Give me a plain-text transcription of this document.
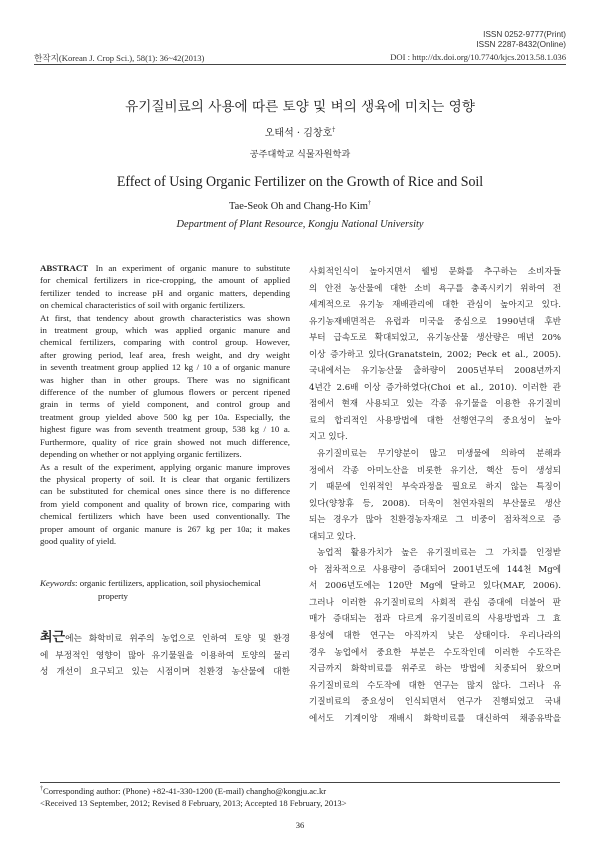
ISSN 0252-9777(Print)
ISSN 2287-8432(Online)
한작지(Korean J. Crop Sci.), 58(1): 36~42(2013)	DOI : http://dx.doi.org/10.7740/kjcs.2013.58.1.036
유기질비료의 사용에 따른 토양 및 벼의 생육에 미치는 영향
오태석 · 김창호†
공주대학교 식물자원학과
Effect of Using Organic Fertilizer on the Growth of Rice and Soil
Tae-Seok Oh and Chang-Ho Kim†
Department of Plant Resource, Kongju National University
ABSTRACT In an experiment of organic manure to substitute
for chemical fertilizers in rice-cropping, the amount of applied
fertilizer tended to increase pH and organic matters, depending
on chemical characteristics of soil with organic fertilizers.
At first, that tendency about growth characteristics was shown
in treatment group, which was applied organic manure and
chemical fertilizers, comparing with control group. However,
after growing period, leaf area, fresh weight, and dry weight
in seventh treatment group applied 12 kg / 10 a of organic manure
was higher than in other groups. There was no significant
difference of the number of glumous flowers or percent ripened
grain in terms of yield component, and control group and
treatment group yielded above 500 kg per 10a. Especially, the
highest figure was from seventh treatment group, 538 kg / 10 a.
Furthermore, quality of rice grain showed not much difference,
depending on whether or not applying organic fertilizers.
As a result of the experiment, applying organic manure improves
the physical property of soil. It is clear that organic fertilizers
can be substituted for chemical ones since there is no difference
from yield component and quality of brown rice, comparing with
chemical fertilizers which have been used conventionally. The
proper amount of organic manure is 267 kg per 10a; it makes
good quality of yield.
Keywords : organic fertilizers, application, soil physiochemical
property
최근에는 화학비료 위주의 농업으로 인하여 토양 및 환경
에 부정적인 영향이 많아 유기물원을 이용하여 토양의 물리
성 개선이 요구되고 있는 시점이며 친환경 농산물에 대한
사회적인식이 높아지면서 웰빙 문화를 추구하는 소비자들
의 안전 농산물에 대한 소비 욕구를 충족시키기 위하여 전
세계적으로 유기농 재배관리에 대한 관심이 높아지고 있다.
유기농재배면적은 유럽과 미국을 중심으로 1990년대 후반
부터 급속도로 확대되었고, 유기농산물 생산량은 매년 20%
이상 증가하고 있다(Granatstein, 2002; Peck et al., 2005).
국내에서는 유기농산물 출하량이 2005년부터 2008년까지
4년간 2.6배 이상 증가하였다(Choi et al., 2010). 이러한 관
점에서 현재 사용되고 있는 각종 유기물을 이용한 유기질비
료의 합리적인 사용방법에 대한 선행연구의 중요성이 높아
지고 있다.
유기질비료는 무기양분이 많고 미생물에 의하여 분해과
정에서 각종 아미노산을 비롯한 유기산, 핵산 등이 생성되
기 때문에 인위적인 부숙과정을 필요로 하지 않는 특징이
있다(양창휴 등, 2008). 더욱이 천연자원의 부산물로 생산
되는 경우가 많아 친환경농자재로 그 비중이 점차적으로 증
대되고 있다.
농업적 활용가치가 높은 유기질비료는 그 가치를 인정받
아 점차적으로 사용량이 증대되어 2001년도에 144천 Mg에
서 2006년도에는 120만 Mg에 달하고 있다(MAF, 2006).
그러나 이러한 유기질비료의 사회적 관심 증대에 더불어 판
매가 증대되는 점과 다르게 유기질비료의 사용방법과 그 효
용성에 대한 연구는 아직까지 낮은 상태이다. 우리나라의
경우 농업에서 중요한 부분은 수도작인데 이러한 수도작은
지금까지 화학비료를 위주로 하는 방법에 치중되어 왔으며
유기질비료의 수도작에 대한 연구는 많지 않다. 그러나 유
기질비료의 중요성이 인식되면서 연구가 진행되었고 국내
에서도 기계이앙 재배시 화학비료를 대신하여 채종유박을
†Corresponding author: (Phone) +82-41-330-1200 (E-mail) changho@kongju.ac.kr
<Received 13 September, 2012; Revised 8 February, 2013; Accepted 18 February, 2013>
36
